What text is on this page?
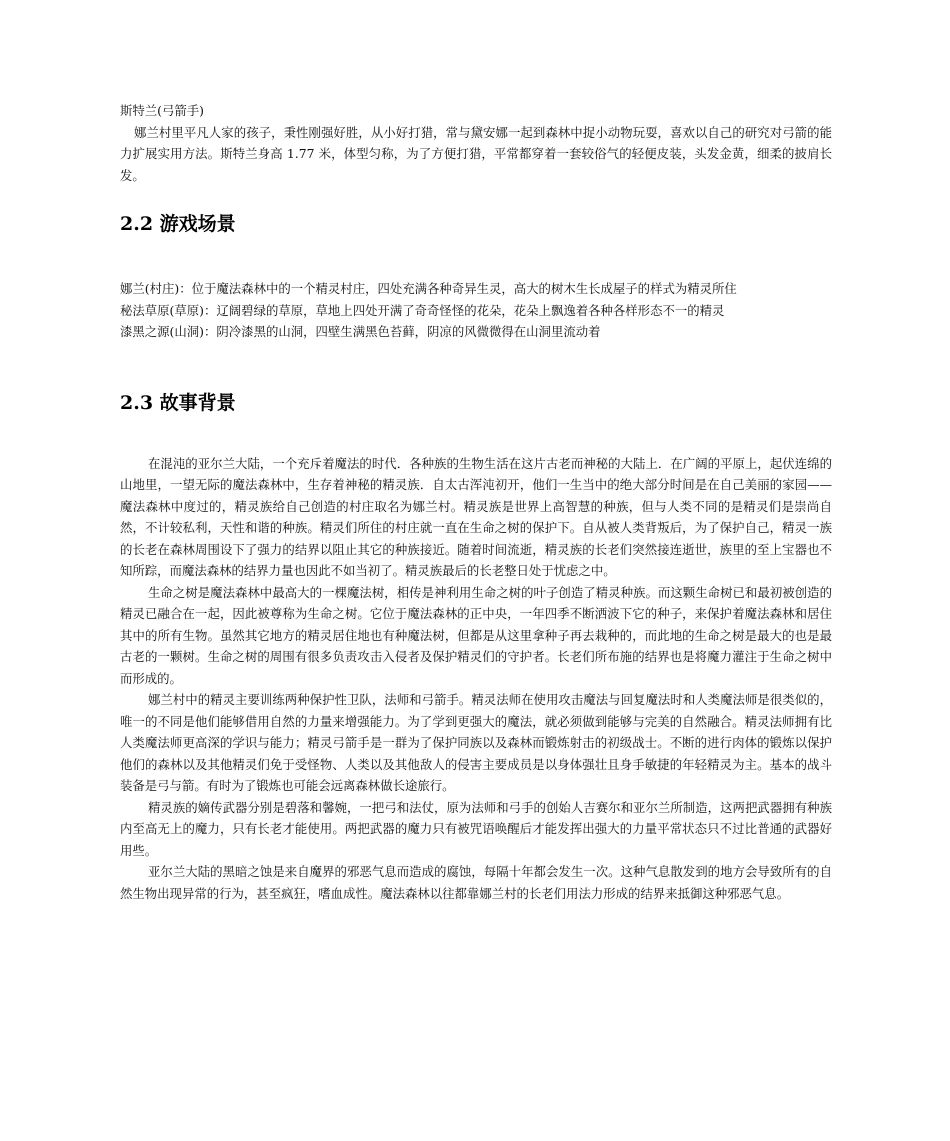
斯特兰(弓箭手)

娜兰村里平凡人家的孩子，秉性刚强好胜，从小好打猎，常与黛安娜一起到森林中捉小动物玩耍，喜欢以自己的研究对弓箭的能力扩展实用方法。斯特兰身高 1.77 米，体型匀称，为了方便打猎，平常都穿着一套较俗气的轻便皮装，头发金黄，细柔的披肩长发。

2.2 游戏场景
娜兰(村庄)：位于魔法森林中的一个精灵村庄，四处充满各种奇异生灵，高大的树木生长成屋子的样式为精灵所住
秘法草原(草原)：辽阔碧绿的草原，草地上四处开满了奇奇怪怪的花朵，花朵上飘逸着各种各样形态不一的精灵
漆黑之源(山洞)：阴冷漆黑的山洞，四壁生满黑色苔藓，阴凉的风微微得在山洞里流动着
2.3 故事背景

在混沌的亚尔兰大陆，一个充斥着魔法的时代．各种族的生物生活在这片古老而神秘的大陆上．在广阔的平原上，起伏连绵的山地里，一望无际的魔法森林中，生存着神秘的精灵族．自太古浑沌初开，他们一生当中的绝大部分时间是在自己美丽的家园——魔法森林中度过的，精灵族给自己创造的村庄取名为娜兰村。精灵族是世界上高智慧的种族，但与人类不同的是精灵们是崇尚自然，不计较私利，天性和谐的种族。精灵们所住的村庄就一直在生命之树的保护下。自从被人类背叛后，为了保护自己，精灵一族的长老在森林周围设下了强力的结界以阻止其它的种族接近。随着时间流逝，精灵族的长老们突然接连逝世，族里的至上宝器也不知所踪，而魔法森林的结界力量也因此不如当初了。精灵族最后的长老整日处于忧虑之中。

生命之树是魔法森林中最高大的一棵魔法树，相传是神利用生命之树的叶子创造了精灵种族。而这颗生命树已和最初被创造的精灵已融合在一起，因此被尊称为生命之树。它位于魔法森林的正中央，一年四季不断洒波下它的种子，来保护着魔法森林和居住其中的所有生物。虽然其它地方的精灵居住地也有种魔法树，但都是从这里拿种子再去栽种的，而此地的生命之树是最大的也是最古老的一颗树。生命之树的周围有很多负责攻击入侵者及保护精灵们的守护者。长老们所布施的结界也是将魔力灌注于生命之树中而形成的。

娜兰村中的精灵主要训练两种保护性卫队，法师和弓箭手。精灵法师在使用攻击魔法与回复魔法时和人类魔法师是很类似的，唯一的不同是他们能够借用自然的力量来增强能力。为了学到更强大的魔法，就必须做到能够与完美的自然融合。精灵法师拥有比人类魔法师更高深的学识与能力；精灵弓箭手是一群为了保护同族以及森林而锻炼射击的初级战士。不断的进行肉体的锻炼以保护他们的森林以及其他精灵们免于受怪物、人类以及其他敌人的侵害主要成员是以身体强壮且身手敏捷的年轻精灵为主。基本的战斗装备是弓与箭。有时为了锻炼也可能会远离森林做长途旅行。

精灵族的嫡传武器分别是碧落和馨婉，一把弓和法仗，原为法师和弓手的创始人吉赛尔和亚尔兰所制造，这两把武器拥有种族内至高无上的魔力，只有长老才能使用。两把武器的魔力只有被咒语唤醒后才能发挥出强大的力量平常状态只不过比普通的武器好用些。

亚尔兰大陆的黑暗之蚀是来自魔界的邪恶气息而造成的腐蚀，每隔十年都会发生一次。这种气息散发到的地方会导致所有的自然生物出现异常的行为，甚至疯狂，嗜血成性。魔法森林以往都靠娜兰村的长老们用法力形成的结界来抵御这种邪恶气息。
